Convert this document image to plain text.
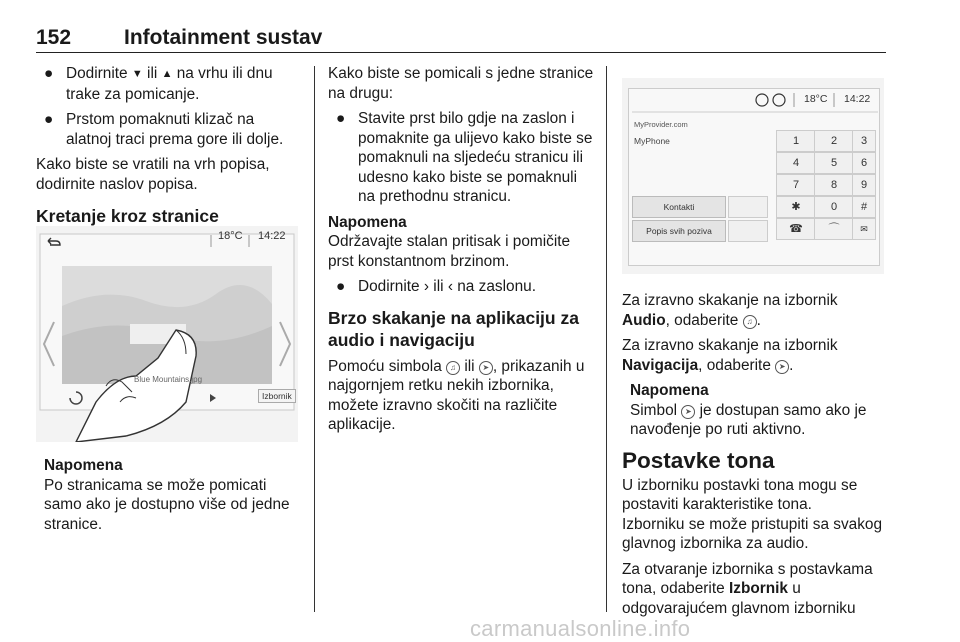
152	Infotainment sustav

● Dodirnite ▼ ili ▲ na vrhu ili dnu trake za pomicanje.

● Prstom pomaknuti klizač na alatnoj traci prema gore ili dolje.

Kako biste se vratili na vrh popisa, dodirnite naslov popisa.

Kretanje kroz stranice

18°C 14:22
Blue Mountains.jpg
Izbornik

Napomena

Po stranicama se može pomicati samo ako je dostupno više od jedne stranice.

Kako biste se pomicali s jedne stranice na drugu:

● Stavite prst bilo gdje na zaslon i pomaknite ga ulijevo kako biste se pomaknuli na sljedeću stranicu ili udesno kako biste se pomaknuli na prethodnu stranicu.

Napomena

Održavajte stalan pritisak i pomičite prst konstantnom brzinom.

● Dodirnite › ili ‹ na zaslonu.

Brzo skakanje na aplikaciju za audio i navigaciju

Pomoću simbola ♫ ili ➤ , prikazanih u najgornjem retku nekih izbornika, možete izravno skočiti na različite aplikacije.

18°C 14:22
MyProvider.com
MyPhone	1	2	3
4	5	6
7	8	9
✱	0	#
☎	⌒	✉
Kontakti
Popis svih poziva

Za izravno skakanje na izbornik Audio, odaberite ♫ .

Za izravno skakanje na izbornik Navigacija, odaberite ➤ .

Napomena

Simbol ➤ je dostupan samo ako je navođenje po ruti aktivno.

Postavke tona

U izborniku postavki tona mogu se postaviti karakteristike tona.

Izborniku se može pristupiti sa svakog glavnog izbornika za audio.

Za otvaranje izbornika s postavkama tona, odaberite Izbornik u odgovarajućem glavnom izborniku

carmanualsonline.info
